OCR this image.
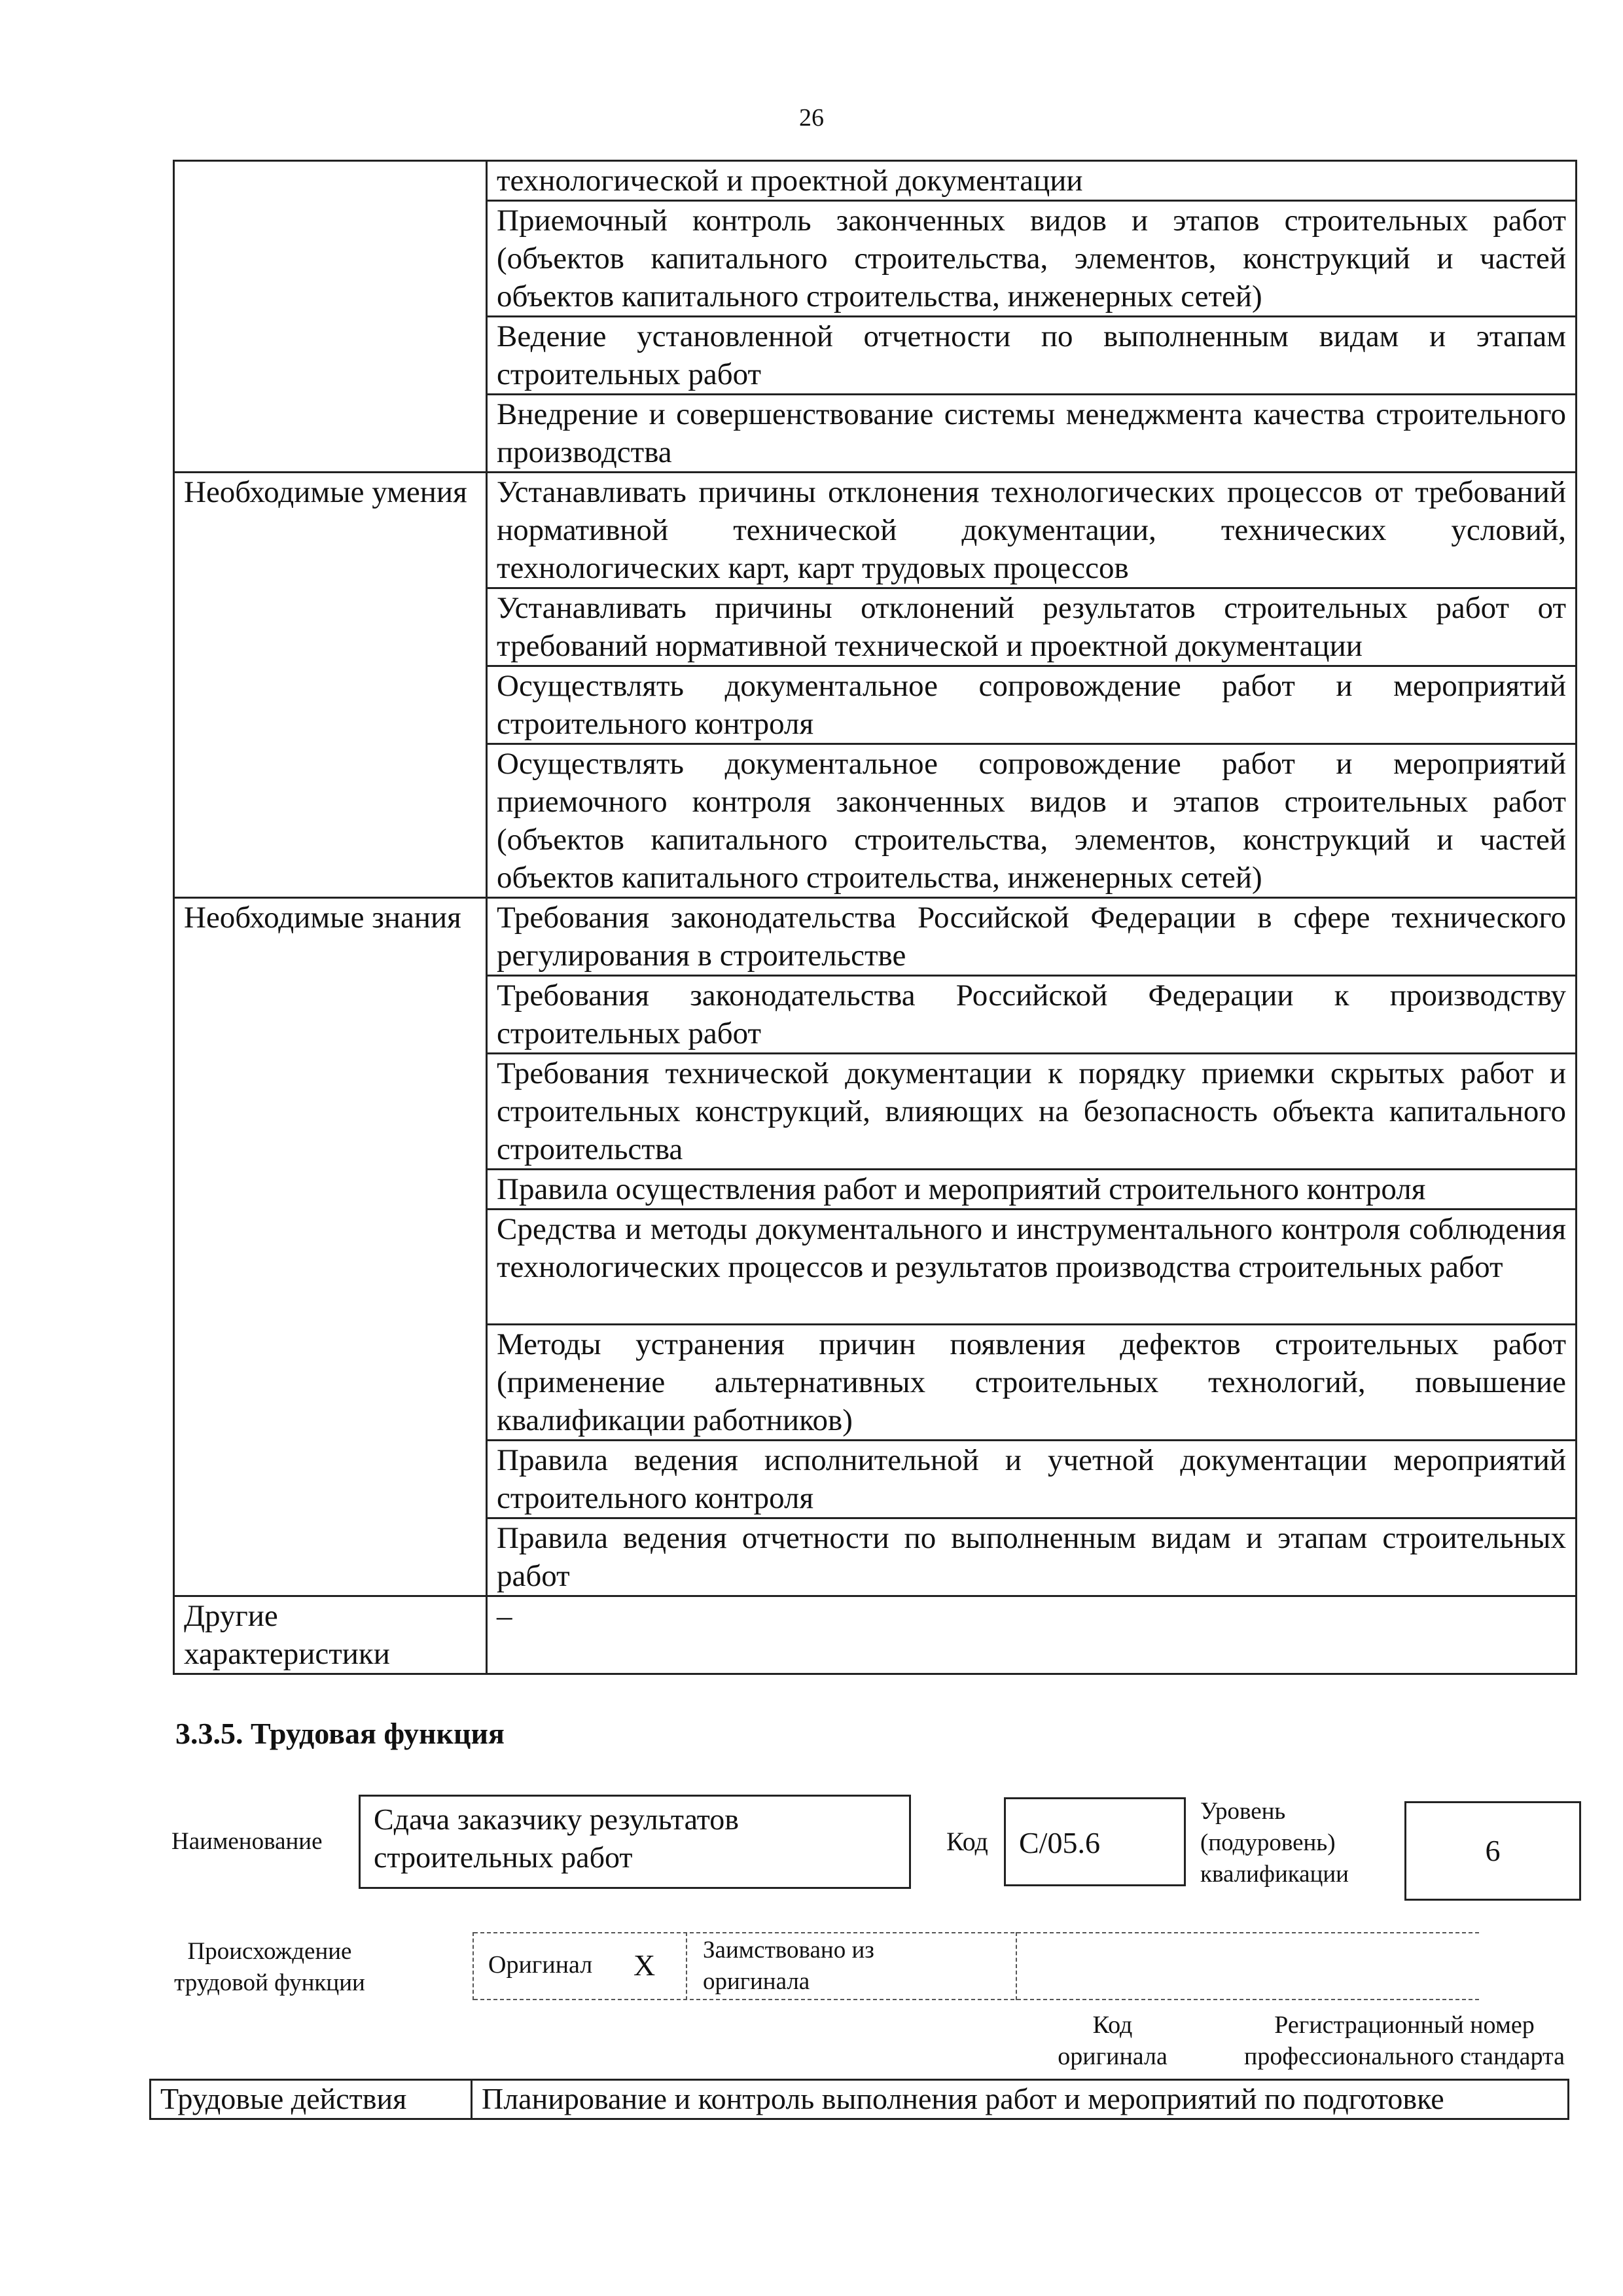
26
	технологической и проектной документации
	Приемочный контроль законченных видов и этапов строительных работ (объектов капитального строительства, элементов, конструкций и частей объектов капитального строительства, инженерных сетей)
	Ведение установленной отчетности по выполненным видам и этапам строительных работ
	Внедрение и совершенствование системы менеджмента качества строительного производства
Необходимые умения	Устанавливать причины отклонения технологических процессов от требований нормативной технической документации, технических условий, технологических карт, карт трудовых процессов
	Устанавливать причины отклонений результатов строительных работ от требований нормативной технической и проектной документации
	Осуществлять документальное сопровождение работ и мероприятий строительного контроля
	Осуществлять документальное сопровождение работ и мероприятий приемочного контроля законченных видов и этапов строительных работ (объектов капитального строительства, элементов, конструкций и частей объектов капитального строительства, инженерных сетей)
Необходимые знания	Требования законодательства Российской Федерации в сфере технического регулирования в строительстве
	Требования законодательства Российской Федерации к производству строительных работ
	Требования технической документации к порядку приемки скрытых работ и строительных конструкций, влияющих на безопасность объекта капитального строительства
	Правила осуществления работ и мероприятий строительного контроля
	Средства и методы документального и инструментального контроля соблюдения технологических процессов и результатов производства строительных работ
	Методы устранения причин появления дефектов строительных работ (применение альтернативных строительных технологий, повышение квалификации работников)
	Правила ведения исполнительной и учетной документации мероприятий строительного контроля
	Правила ведения отчетности по выполненным видам и этапам строительных работ
Другие характеристики	–
3.3.5. Трудовая функция
Наименование
Сдача заказчику результатов строительных работ	Код	C/05.6
Уровень (подуровень) квалификации
6
Происхождение трудовой функции
Оригинал X Заимствовано из оригинала
Код оригинала
Регистрационный номер профессионального стандарта
Трудовые действия	Планирование и контроль выполнения работ и мероприятий по подготовке
